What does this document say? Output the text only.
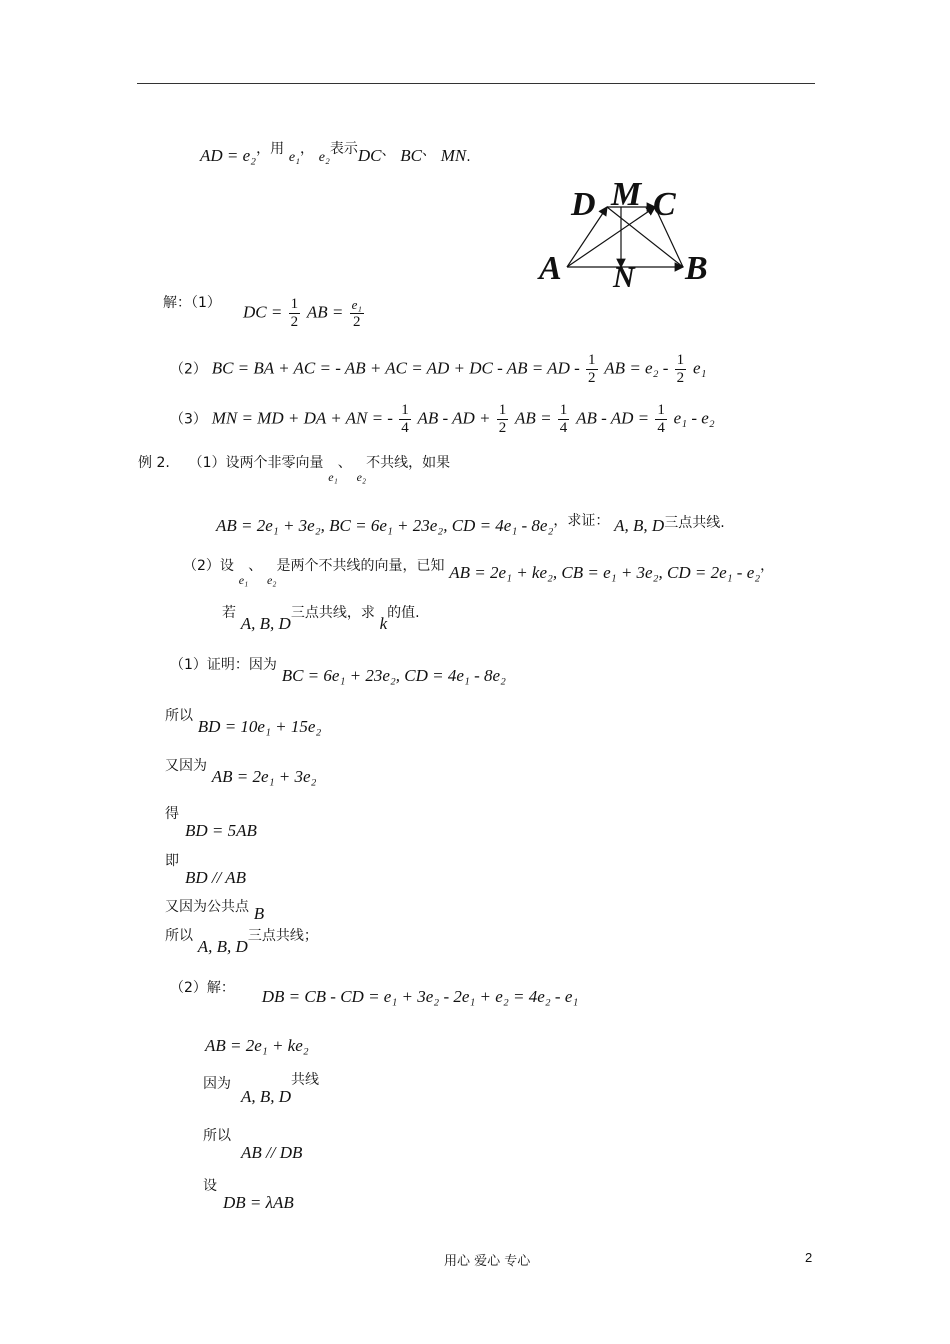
AD = e₂，用 e₁， e₂表示DC、 BC、 MN.
D M C
A N B
解：（1） DC = $\frac{1}{2}$ AB = $\frac{\text{e₁}}{2}$
（2） BC = BA + AC = - AB + AC = AD + DC - AB = AD - $\frac{1}{2}$ AB = $e_2 - \frac{1}{2} e_1$
（3） MN = MD + DA + AN = - $\frac{1}{4}$ AB - AD + $\frac{1}{2}$ AB = $\frac{1}{4}$ AB - AD = $\frac{1}{4} e_1 - e_2$
例 2. （1）设两个非零向量 $_{e_1}$、 $_{e_2}$不共线，如果
AB = 2e₁ + 3e₂, BC = 6e₁ + 23e₂, CD = 4e₁ - 8e₂，求证： A, B, D三点共线.
（2）设 $_{e_1}$、 $_{e_2}$是两个不共线的向量，已知 AB = 2e₁ + ke₂, CB = e₁ + 3e₂, CD = 2e₁ - e₂，
若 A, B, D三点共线，求 k的值.
（1）证明：因为 BC = 6e₁ + 23e₂, CD = 4e₁ - 8e₂
所以 BD = 10e₁ + 15e₂
又因为 AB = 2e₁ + 3e₂
得
BD = 5AB
即
BD // AB
又因为公共点 B
所以 A, B, D三点共线；
（2）解： DB = CB - CD = e₁ + 3e₂ - 2e₁ + e₂ = 4e₂ - e₁
AB = 2e₁ + ke₂
因为
A, B, D共线
所以
AB // DB
设
DB = λAB
用心 爱心 专心	2
